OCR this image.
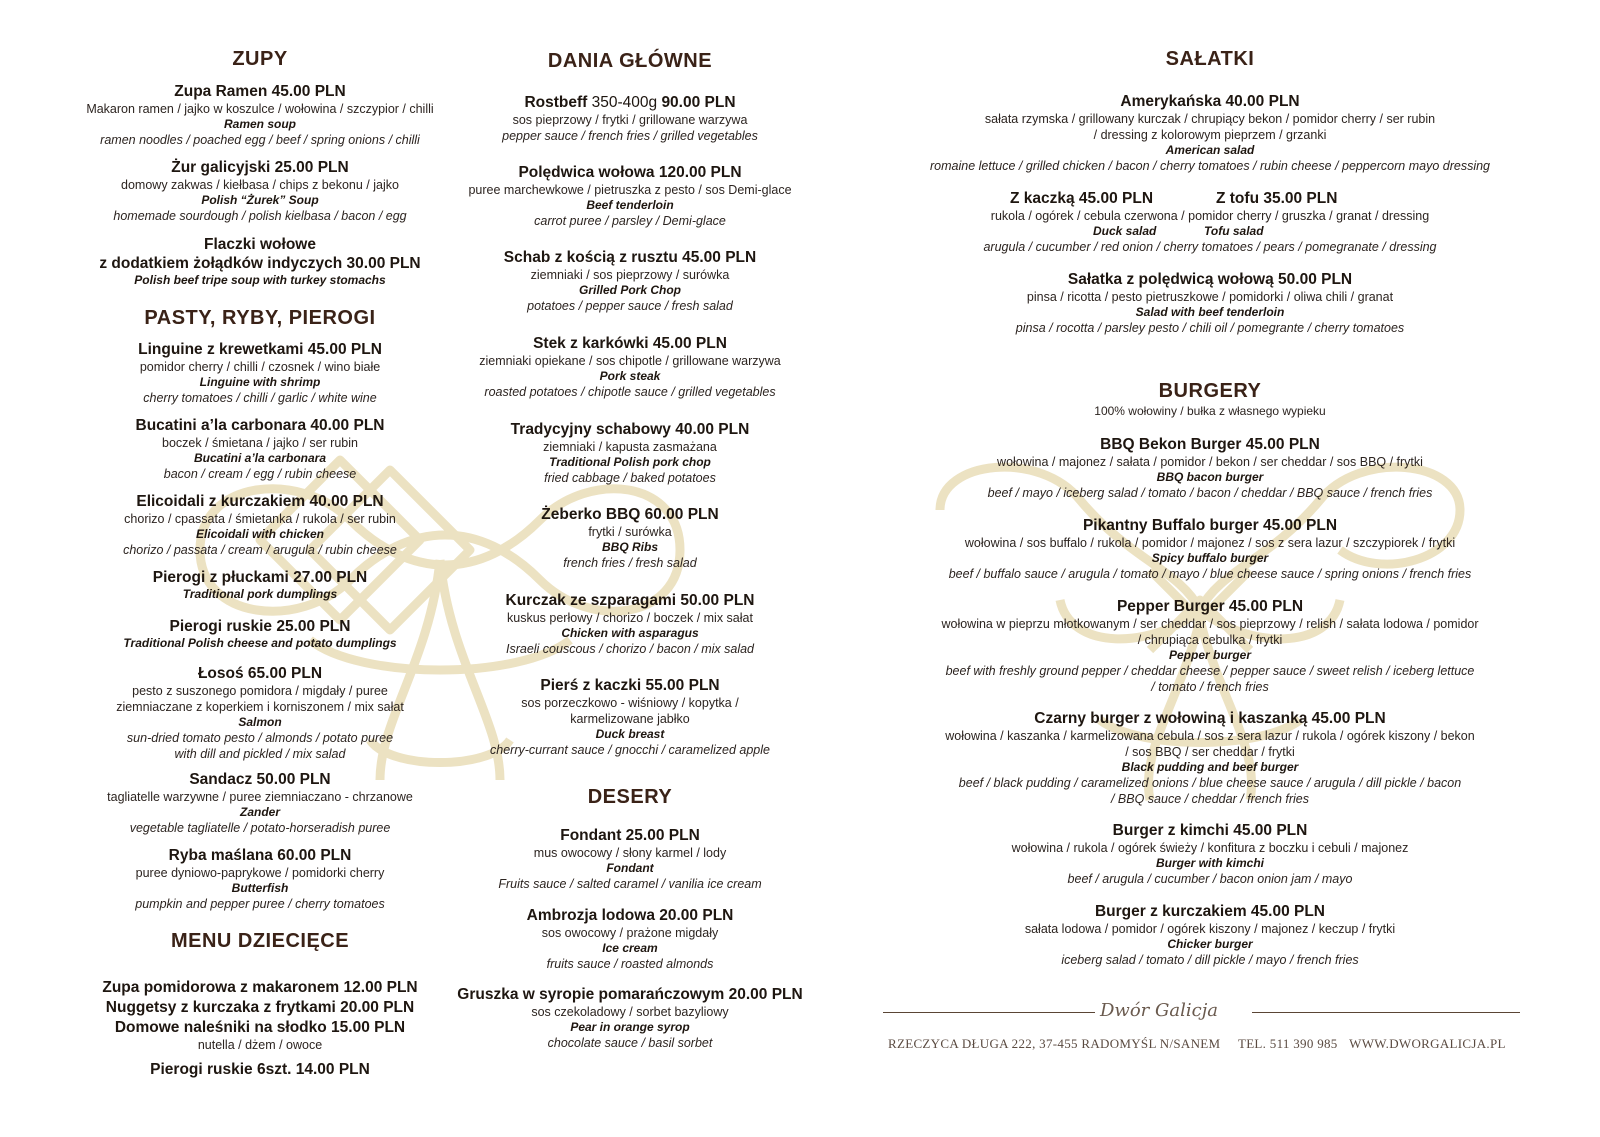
ZUPY
Zupa Ramen 45.00 PLN
Makaron ramen / jajko w koszulce / wołowina / szczypior / chilli
Ramen soup
ramen noodles / poached egg / beef / spring onions / chilli
Żur galicyjski 25.00 PLN
domowy zakwas / kiełbasa / chips z bekonu / jajko
Polish “Żurek” Soup
homemade sourdough / polish kielbasa / bacon / egg
Flaczki wołowe
z dodatkiem żołądków indyczych 30.00 PLN
Polish beef tripe soup with turkey stomachs
PASTY, RYBY, PIEROGI
Linguine z krewetkami 45.00 PLN
pomidor cherry / chilli / czosnek / wino białe
Linguine with shrimp
cherry tomatoes / chilli / garlic / white wine
Bucatini a’la carbonara 40.00 PLN
boczek / śmietana / jajko / ser rubin
Bucatini a’la carbonara
bacon / cream / egg / rubin cheese
Elicoidali z kurczakiem 40.00 PLN
chorizo / cpassata / śmietanka / rukola / ser rubin
Elicoidali with chicken
chorizo / passata / cream / arugula / rubin cheese
Pierogi z płuckami 27.00 PLN
Traditional pork dumplings
Pierogi ruskie 25.00 PLN
Traditional Polish cheese and potato dumplings
Łosoś 65.00 PLN
pesto z suszonego pomidora / migdały / puree
ziemniaczane z koperkiem i korniszonem / mix sałat
Salmon
sun-dried tomato pesto / almonds / potato puree
with dill and pickled / mix salad
Sandacz 50.00 PLN
tagliatelle warzywne / puree ziemniaczano - chrzanowe
Zander
vegetable tagliatelle / potato-horseradish puree
Ryba maślana 60.00 PLN
puree dyniowo-paprykowe / pomidorki cherry
Butterfish
pumpkin and pepper puree / cherry tomatoes
MENU DZIECIĘCE
Zupa pomidorowa z makaronem 12.00 PLN
Nuggetsy z kurczaka z frytkami 20.00 PLN
Domowe naleśniki na słodko 15.00 PLN
nutella / dżem / owoce
Pierogi ruskie 6szt. 14.00 PLN
DANIA GŁÓWNE
Rostbeff 350-400g 90.00 PLN
sos pieprzowy / frytki / grillowane warzywa
pepper sauce / french fries / grilled vegetables
Polędwica wołowa 120.00 PLN
puree marchewkowe / pietruszka z pesto / sos Demi-glace
Beef tenderloin
carrot puree / parsley / Demi-glace
Schab z kością z rusztu 45.00 PLN
ziemniaki / sos pieprzowy / surówka
Grilled Pork Chop
potatoes / pepper sauce / fresh salad
Stek z karkówki 45.00 PLN
ziemniaki opiekane / sos chipotle / grillowane warzywa
Pork steak
roasted potatoes / chipotle sauce / grilled vegetables
Tradycyjny schabowy 40.00 PLN
ziemniaki / kapusta zasmażana
Traditional Polish pork chop
fried cabbage / baked potatoes
Żeberko BBQ 60.00 PLN
frytki / surówka
BBQ Ribs
french fries / fresh salad
Kurczak ze szparagami 50.00 PLN
kuskus perłowy / chorizo / boczek / mix sałat
Chicken with asparagus
Israeli couscous / chorizo / bacon / mix salad
Pierś z kaczki 55.00 PLN
sos porzeczkowo - wiśniowy / kopytka /
karmelizowane jabłko
Duck breast
cherry-currant sauce / gnocchi / caramelized apple
DESERY
Fondant 25.00 PLN
mus owocowy / słony karmel / lody
Fondant
Fruits sauce / salted caramel / vanilia ice cream
Ambrozja lodowa 20.00 PLN
sos owocowy / prażone migdały
Ice cream
fruits sauce / roasted almonds
Gruszka w syropie pomarańczowym 20.00 PLN
sos czekoladowy / sorbet bazyliowy
Pear in orange syrop
chocolate sauce / basil sorbet
SAŁATKI
Amerykańska 40.00 PLN
sałata rzymska / grillowany kurczak / chrupiący bekon / pomidor cherry / ser rubin
/ dressing z kolorowym pieprzem / grzanki
American salad
romaine lettuce / grilled chicken / bacon / cherry tomatoes / rubin cheese / peppercorn mayo dressing
Z kaczką 45.00 PLN	Z tofu 35.00 PLN
rukola / ogórek / cebula czerwona / pomidor cherry / gruszka / granat / dressing
Duck salad	Tofu salad
arugula / cucumber / red onion / cherry tomatoes / pears / pomegranate / dressing
Sałatka z polędwicą wołową 50.00 PLN
pinsa / ricotta / pesto pietruszkowe / pomidorki / oliwa chili / granat
Salad with beef tenderloin
pinsa / rocotta / parsley pesto / chili oil / pomegrante / cherry tomatoes
BURGERY
100% wołowiny / bułka z własnego wypieku
BBQ Bekon Burger 45.00 PLN
wołowina / majonez / sałata / pomidor / bekon / ser cheddar / sos BBQ / frytki
BBQ bacon burger
beef / mayo / iceberg salad / tomato / bacon / cheddar / BBQ sauce / french fries
Pikantny Buffalo burger 45.00 PLN
wołowina / sos buffalo / rukola / pomidor / majonez / sos z sera lazur / szczypiorek / frytki
Spicy buffalo burger
beef / buffalo sauce / arugula / tomato / mayo / blue cheese sauce / spring onions / french fries
Pepper Burger 45.00 PLN
wołowina w pieprzu młotkowanym / ser cheddar / sos pieprzowy / relish / sałata lodowa / pomidor
/ chrupiąca cebulka / frytki
Pepper burger
beef with freshly ground pepper / cheddar cheese / pepper sauce / sweet relish / iceberg lettuce
/ tomato / french fries
Czarny burger z wołowiną i kaszanką 45.00 PLN
wołowina / kaszanka / karmelizowana cebula / sos z sera lazur / rukola / ogórek kiszony / bekon
/ sos BBQ / ser cheddar / frytki
Black pudding and beef burger
beef / black pudding / caramelized onions / blue cheese sauce / arugula / dill pickle / bacon
/ BBQ sauce / cheddar / french fries
Burger z kimchi 45.00 PLN
wołowina / rukola / ogórek świeży / konfitura z boczku i cebuli / majonez
Burger with kimchi
beef / arugula / cucumber / bacon onion jam / mayo
Burger z kurczakiem 45.00 PLN
sałata lodowa / pomidor / ogórek kiszony / majonez / keczup / frytki
Chicker burger
iceberg salad / tomato / dill pickle / mayo / french fries
Dwór Galicja
RZECZYCA DŁUGA 222, 37-455 RADOMYŚL N/SANEM TEL. 511 390 985 WWW.DWORGALICJA.PL
